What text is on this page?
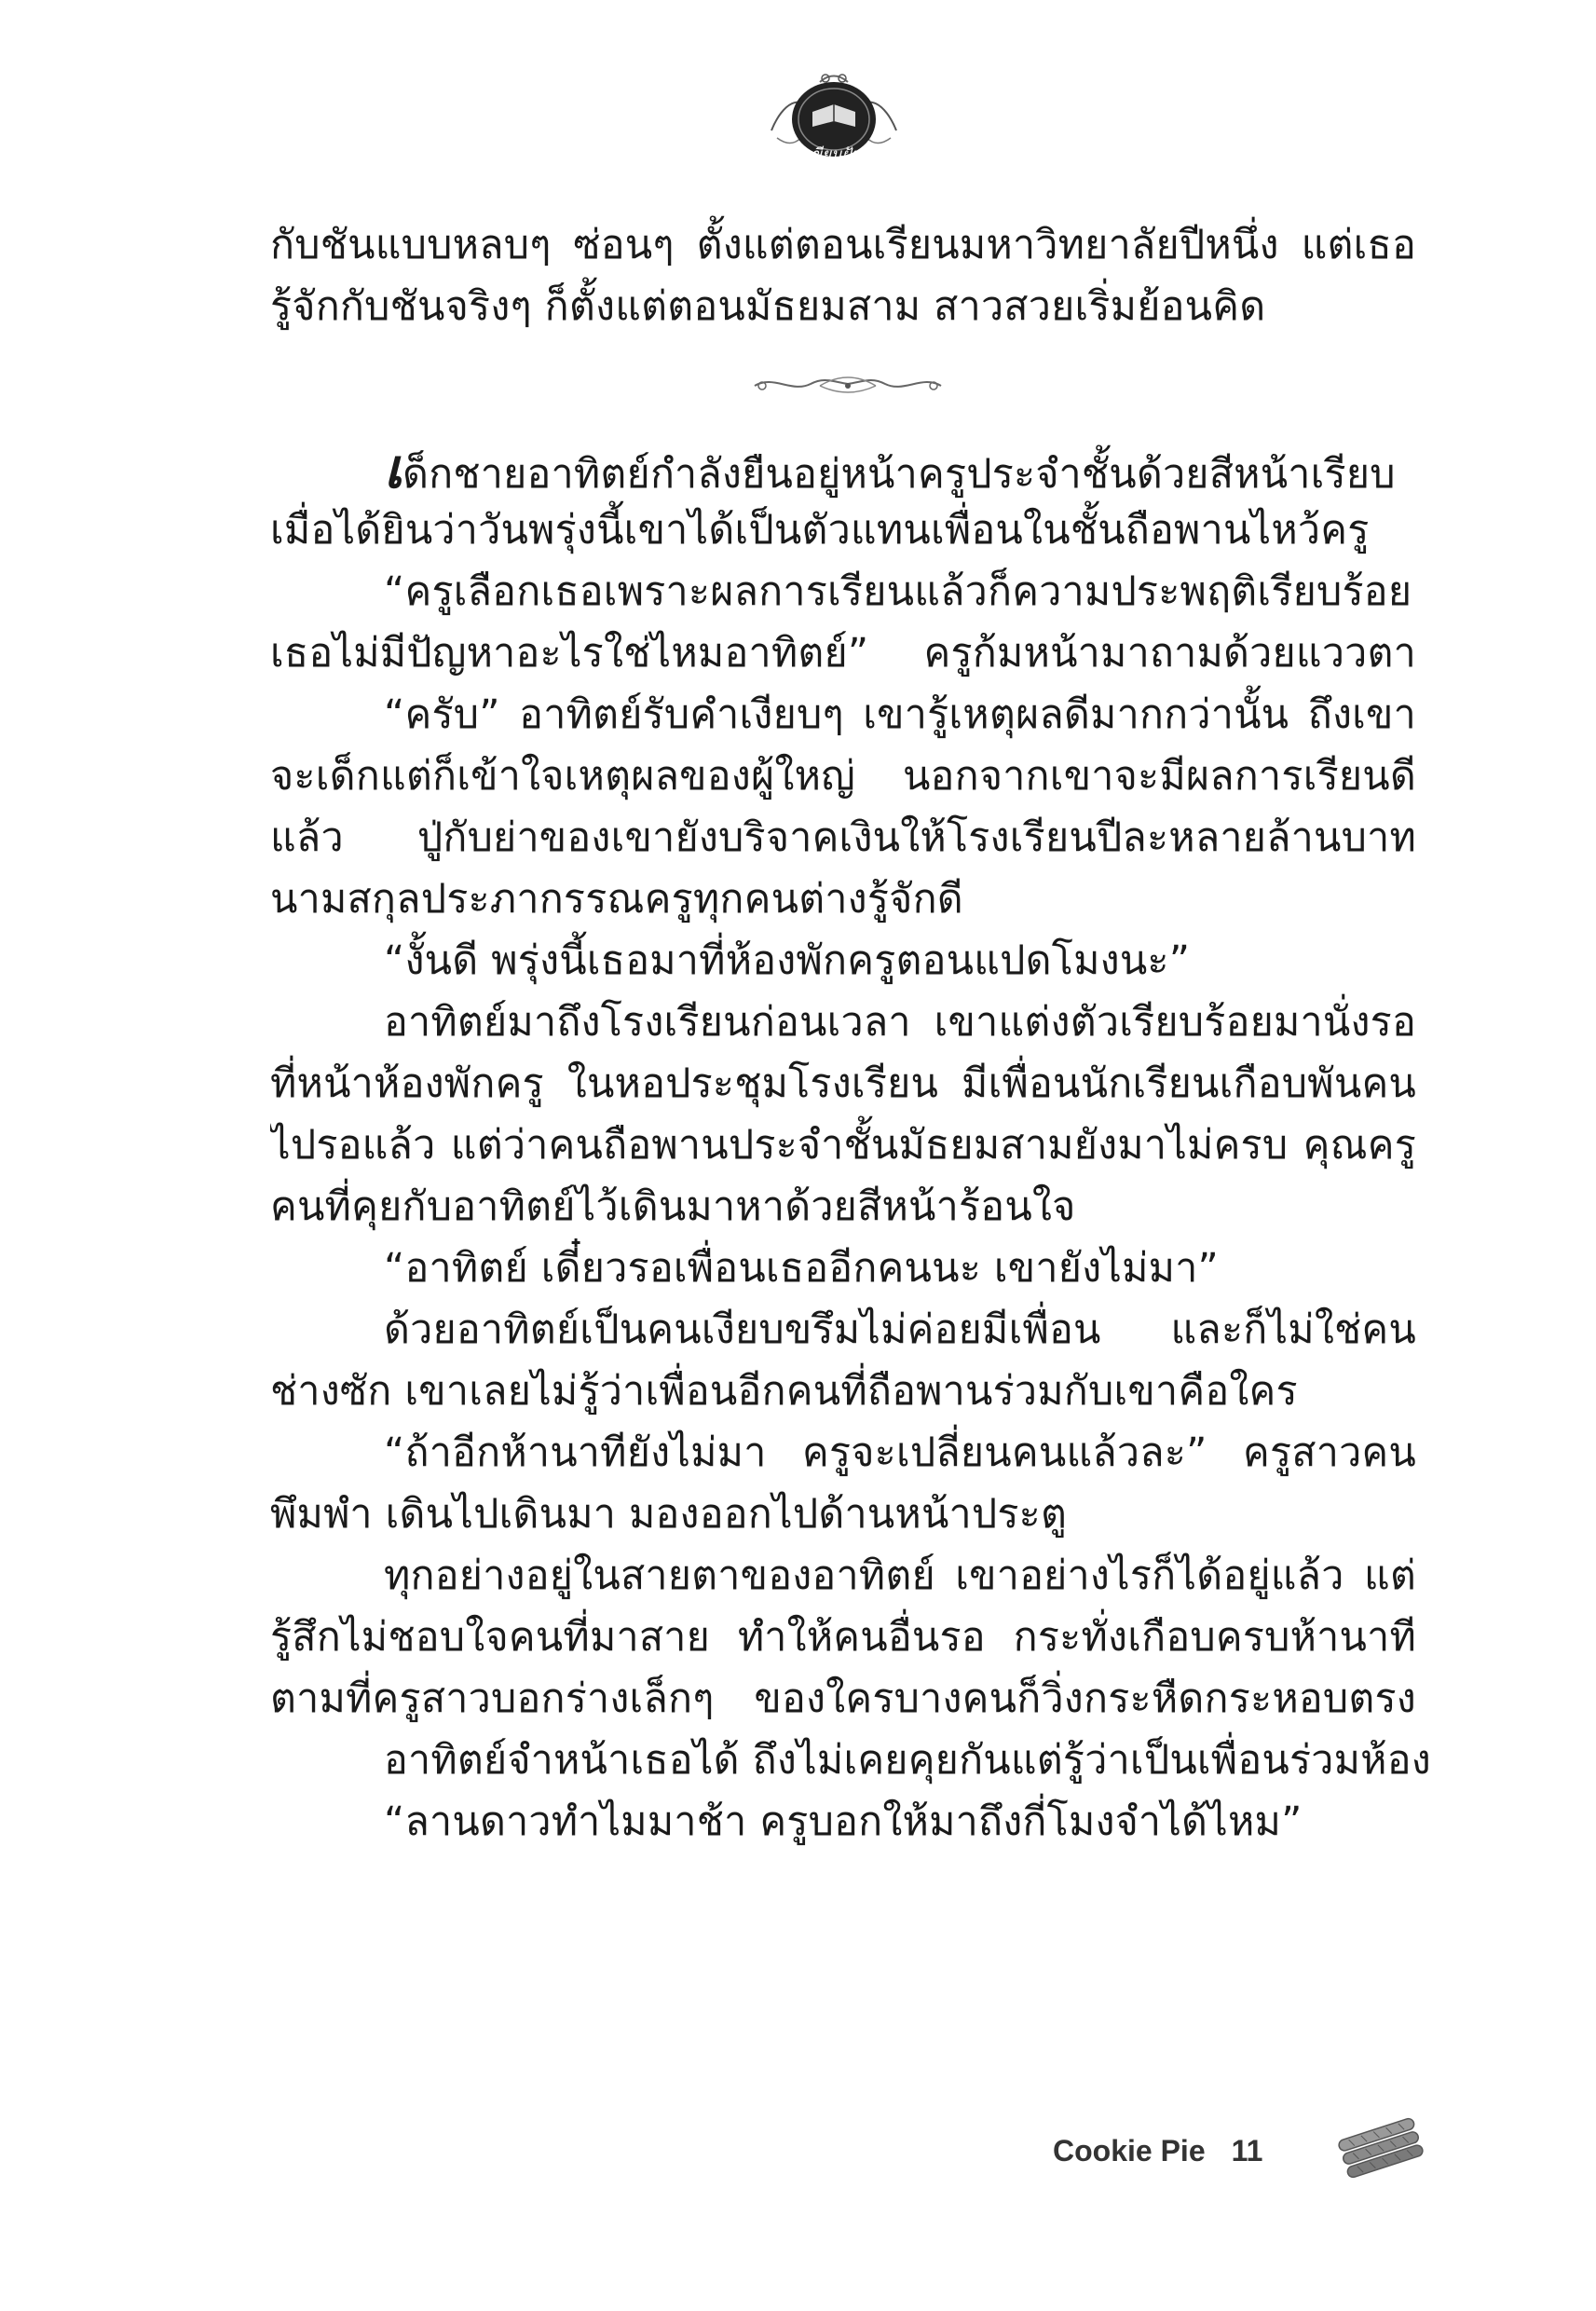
เขียนฝัน
กับชันแบบหลบๆ ซ่อนๆ ตั้งแต่ตอนเรียนมหาวิทยาลัยปีหนึ่ง แต่เธอ
รู้จักกับชันจริงๆ ก็ตั้งแต่ตอนมัธยมสาม สาวสวยเริ่มย้อนคิด
เด็กชายอาทิตย์กำลังยืนอยู่หน้าครูประจำชั้นด้วยสีหน้าเรียบ
เมื่อได้ยินว่าวันพรุ่งนี้เขาได้เป็นตัวแทนเพื่อนในชั้นถือพานไหว้ครู
“ครูเลือกเธอเพราะผลการเรียนแล้วก็ความประพฤติเรียบร้อย
เธอไม่มีปัญหาอะไรใช่ไหมอาทิตย์” ครูก้มหน้ามาถามด้วยแววตา
“ครับ” อาทิตย์รับคำเงียบๆ เขารู้เหตุผลดีมากกว่านั้น ถึงเขา
จะเด็กแต่ก็เข้าใจเหตุผลของผู้ใหญ่ นอกจากเขาจะมีผลการเรียนดี
แล้ว ปู่กับย่าของเขายังบริจาคเงินให้โรงเรียนปีละหลายล้านบาท
นามสกุลประภากรรณครูทุกคนต่างรู้จักดี
“งั้นดี พรุ่งนี้เธอมาที่ห้องพักครูตอนแปดโมงนะ”
อาทิตย์มาถึงโรงเรียนก่อนเวลา เขาแต่งตัวเรียบร้อยมานั่งรอ
ที่หน้าห้องพักครู ในหอประชุมโรงเรียน มีเพื่อนนักเรียนเกือบพันคน
ไปรอแล้ว แต่ว่าคนถือพานประจำชั้นมัธยมสามยังมาไม่ครบ คุณครู
คนที่คุยกับอาทิตย์ไว้เดินมาหาด้วยสีหน้าร้อนใจ
“อาทิตย์ เดี๋ยวรอเพื่อนเธออีกคนนะ เขายังไม่มา”
ด้วยอาทิตย์เป็นคนเงียบขรึมไม่ค่อยมีเพื่อน และก็ไม่ใช่คน
ช่างซัก เขาเลยไม่รู้ว่าเพื่อนอีกคนที่ถือพานร่วมกับเขาคือใคร
“ถ้าอีกห้านาทียังไม่มา ครูจะเปลี่ยนคนแล้วละ” ครูสาวคน
พึมพำ เดินไปเดินมา มองออกไปด้านหน้าประตู
ทุกอย่างอยู่ในสายตาของอาทิตย์ เขาอย่างไรก็ได้อยู่แล้ว แต่
รู้สึกไม่ชอบใจคนที่มาสาย ทำให้คนอื่นรอ กระทั่งเกือบครบห้านาที
ตามที่ครูสาวบอกร่างเล็กๆ ของใครบางคนก็วิ่งกระหืดกระหอบตรง
อาทิตย์จำหน้าเธอได้ ถึงไม่เคยคุยกันแต่รู้ว่าเป็นเพื่อนร่วมห้อง
“ลานดาวทำไมมาช้า ครูบอกให้มาถึงกี่โมงจำได้ไหม”
Cookie Pie 11
